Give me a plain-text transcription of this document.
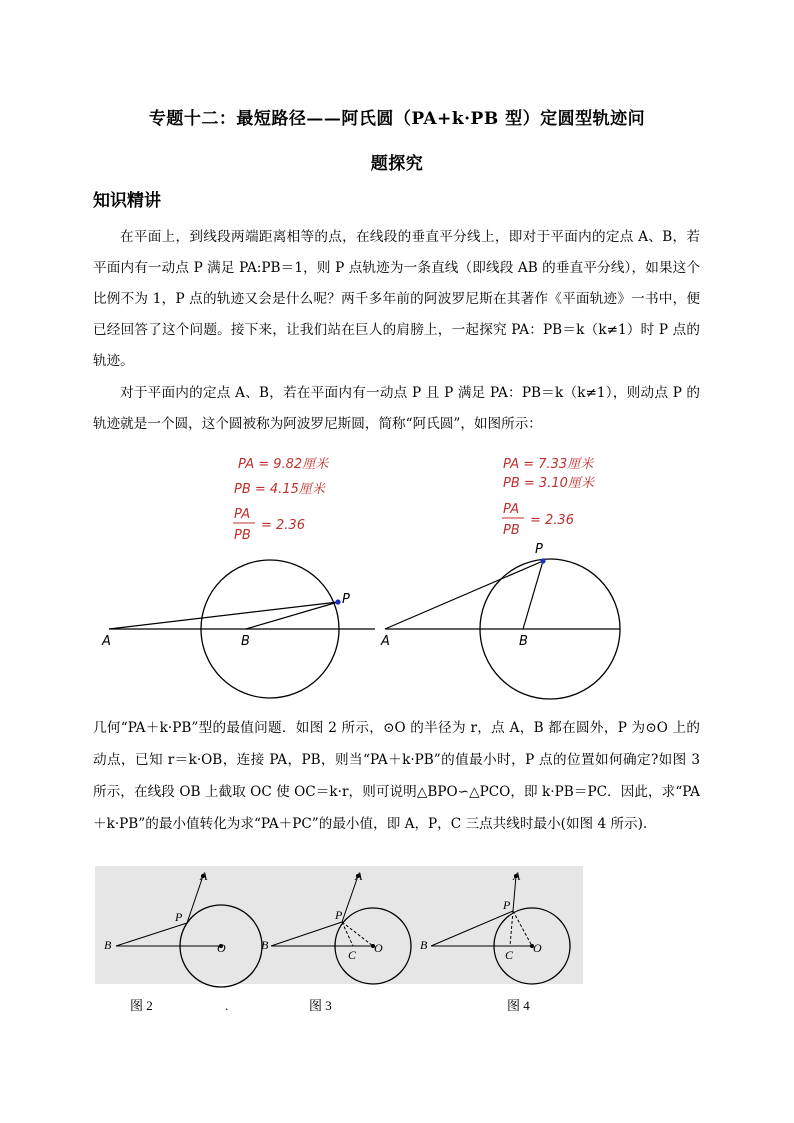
专题十二：最短路径——阿氏圆（PA+k·PB 型）定圆型轨迹问
题探究
知识精讲
在平面上，到线段两端距离相等的点，在线段的垂直平分线上，即对于平面内的定点 A、B，若平面内有一动点 P 满足 PA:PB＝1，则 P 点轨迹为一条直线（即线段 AB 的垂直平分线），如果这个比例不为 1，P 点的轨迹又会是什么呢？两千多年前的阿波罗尼斯在其著作《平面轨迹》一书中，便已经回答了这个问题。接下来，让我们站在巨人的肩膀上，一起探究 PA：PB＝k（k≠1）时 P 点的轨迹。
对于平面内的定点 A、B，若在平面内有一动点 P 且 P 满足 PA：PB＝k（k≠1），则动点 P 的轨迹就是一个圆，这个圆被称为阿波罗尼斯圆，简称“阿氏圆”，如图所示：
PA = 9.82厘米
PB = 4.15厘米
PA
PB
= 2.36
A	B
P
PA = 7.33厘米
PB = 3.10厘米
PA
PB
= 2.36
A	B
P
几何“PA＋k·PB”型的最值问题．如图 2 所示，⊙O 的半径为 r，点 A，B 都在圆外，P 为⊙O 上的动点，已知 r＝k·OB，连接 PA，PB，则当“PA＋k·PB”的值最小时，P 点的位置如何确定?如图 3 所示，在线段 OB 上截取 OC 使 OC＝k·r，则可说明△BPO∽△PCO，即 k·PB＝PC．因此，求“PA＋k·PB”的最小值转化为求“PA＋PC”的最小值，即 A，P，C 三点共线时最小(如图 4 所示).
A
B
P
O
A
B
P
O
C
A
B
P
O
C
图 2	.	图 3	图 4
